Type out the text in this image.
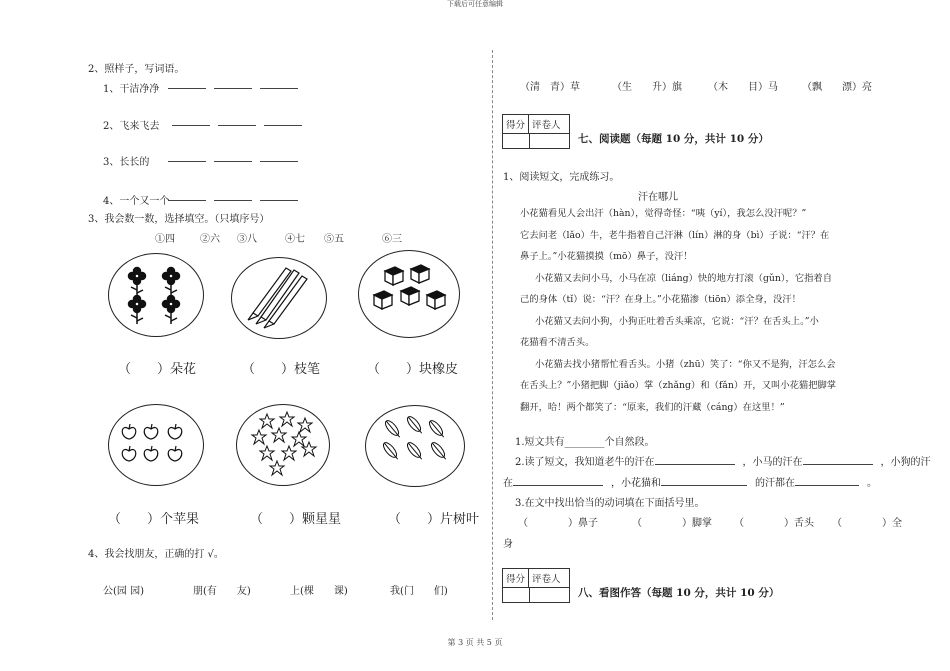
下载后可任意编辑
第 3 页 共 5 页
2、照样子，写词语。
1、干洁净净
2、飞来飞去
3、长长的
4、一个又一个
3、我会数一数，选择填空。（只填序号）
①四	②六 ③八	④七 ⑤五	⑥三
（　　）朵花	（　　）枝笔	（　　）块橡皮
（　　）个苹果	（　　）颗星星	（　　）片树叶
4、我会找朋友，正确的打 √。
公(园 园)	朋(有　　友)	上(棵　　课)	我(门　　们)
（清　青）草	（生　　升）旗	（木　　目）马 （飘　　漂）亮
得分 评卷人
七、阅读题（每题 10 分，共计 10 分）
1、阅读短文，完成练习。
汗在哪儿
小花猫看见人会出汗（hàn），觉得奇怪：“咦（yí），我怎么没汗呢？”
它去问老（lǎo）牛，老牛指着自己汗淋（lín）淋的身（bì）子说：“汗？在
鼻子上。”小花猫摸摸（mō）鼻子，没汗！
小花猫又去问小马，小马在凉（liáng）快的地方打滚（gǔn），它指着自
己的身体（tǐ）说：“汗？在身上。”小花猫渗（tiōn）添全身，没汗！
小花猫又去问小狗，小狗正吐着舌头乘凉，它说：“汗？在舌头上。”小
花猫看不清舌头。
小花猫去找小猪帮忙看舌头。小猪（zhū）笑了：“你又不是狗，汗怎么会
在舌头上？”小猪把脚（jiǎo）掌（zhǎng）和（fǎn）开，又叫小花猫把脚掌
翻开，哈！两个都笑了：“原来，我们的汗藏（cáng）在这里！”
1.短文共有________个自然段。
2.读了短文，我知道老牛的汗在	，小马的汗在	，小狗的汗
在	，小花猫和	的汗都在	。
3.在文中找出恰当的动词填在下面括号里。
（　　　　）鼻子	（　　　　）脚掌 （　　　　）舌头 （　　　　）全
身
得分 评卷人
八、看图作答（每题 10 分，共计 10 分）
